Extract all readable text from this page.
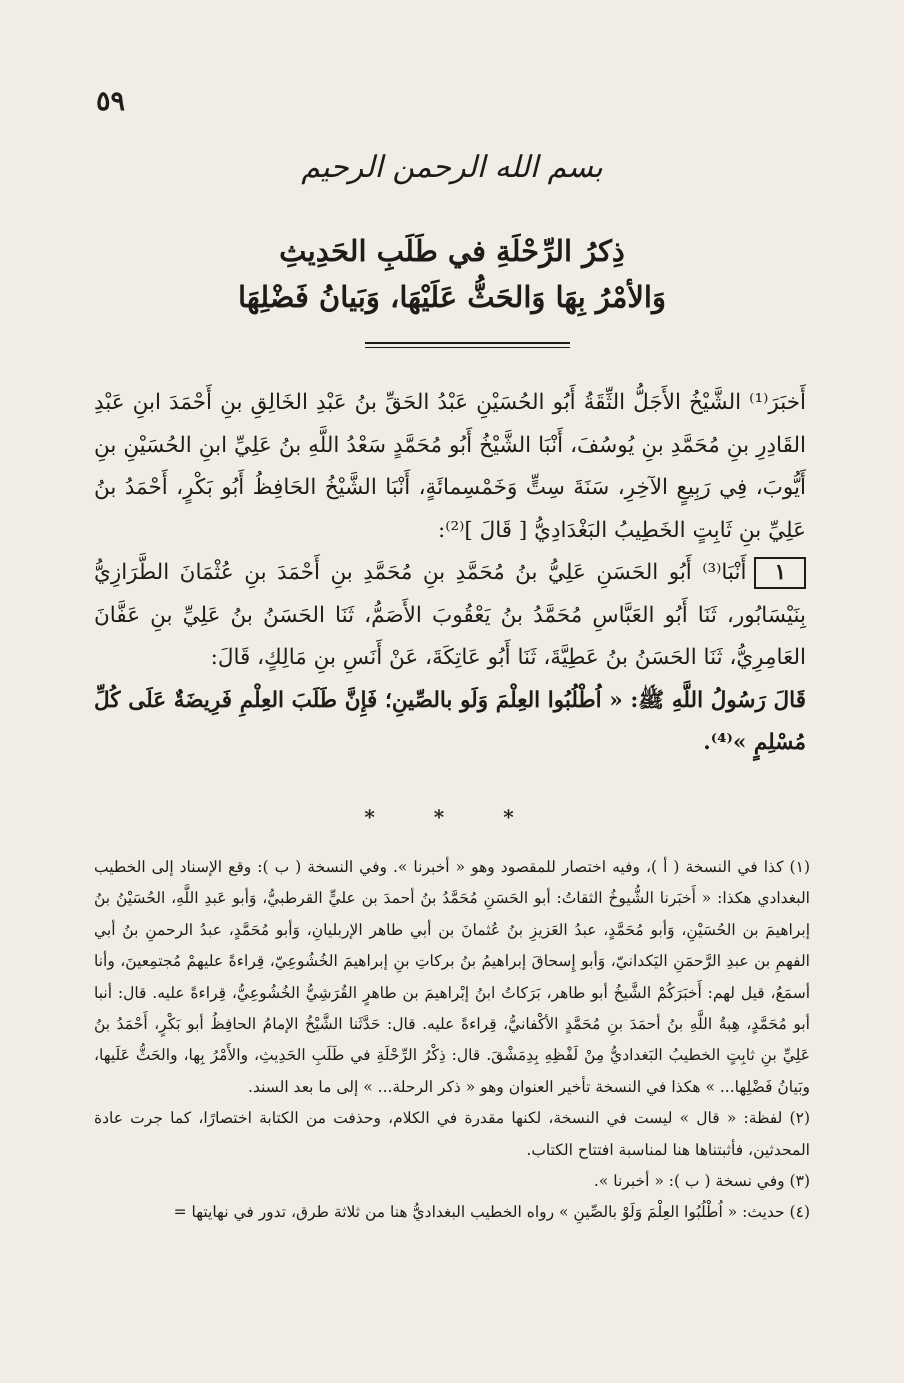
٥٩
بسم الله الرحمن الرحيم
ذِكرُ الرِّحْلَةِ في طَلَبِ الحَدِيثِ
وَالأمْرُ بِهَا وَالحَثُّ عَلَيْهَا، وَبَيانُ فَضْلِهَا

أَخبَرَ⁽¹⁾ الشَّيْخُ الأَجَلُّ الثِّقَةُ أَبُو الحُسَيْنِ عَبْدُ الحَقِّ بنُ عَبْدِ الخَالِقِ بنِ أَحْمَدَ ابنِ عَبْدِ القَادِرِ بنِ مُحَمَّدِ بنِ يُوسُفَ، أَنْبَا الشَّيْخُ أَبُو مُحَمَّدٍ سَعْدُ اللَّهِ بنُ عَلِيِّ ابنِ الحُسَيْنِ بنِ أَيُّوبَ، فِي رَبِيعٍ الآخِرِ، سَنَةَ سِتٍّ وَخَمْسِمائَةٍ، أَنْبَا الشَّيْخُ الحَافِظُ أَبُو بَكْرٍ، أَحْمَدُ بنُ عَلِيِّ بنِ ثَابِتٍ الخَطِيبُ البَغْدَادِيُّ [ قَالَ ]⁽²⁾:

١أَنْبَا⁽³⁾ أَبُو الحَسَنِ عَلِيُّ بنُ مُحَمَّدِ بنِ مُحَمَّدِ بنِ أَحْمَدَ بنِ عُثْمَانَ الطَّرَازِيُّ بِنَيْسَابُور، ثَنَا أَبُو العَبَّاسِ مُحَمَّدُ بنُ يَعْقُوبَ الأَصَمُّ، ثَنَا الحَسَنُ بنُ عَلِيِّ بنِ عَفَّانَ العَامِرِيُّ، ثَنَا الحَسَنُ بنُ عَطِيَّةَ، ثَنَا أَبُو عَاتِكَةَ، عَنْ أَنَسِ بنِ مَالِكٍ، قَالَ:

قَالَ رَسُولُ اللَّهِ ﷺ: « اُطْلُبُوا العِلْمَ وَلَو بالصِّينِ؛ فَإِنَّ طَلَبَ العِلْمِ فَرِيضَةٌ عَلَى كُلِّ مُسْلِمٍ »⁽⁴⁾.

* * *

(١) كذا في النسخة ( أ )، وفيه اختصار للمقصود وهو « أخبرنا ». وفي النسخة ( ب ): وقع الإسناد إلى الخطيب البغدادي هكذا: « أَخبَرنا الشُّيوخُ الثقاتُ: أبو الحَسَنِ مُحَمَّدُ بنُ أحمدَ بن عليٍّ القرطبيُّ، وَأبو عَبدِ اللَّهِ، الحُسَيْنُ بنُ إبراهيمَ بن الحُسَيْنِ، وَأبو مُحَمَّدٍ، عبدُ العَزيزِ بنُ عُثمانَ بن أبي طاهر الإربليانِ، وَأبو مُحَمَّدٍ، عبدُ الرحمنِ بنُ أبي الفهمِ بن عبدِ الرَّحمَنِ اليَكدانيّ، وَأبو إِسحاقَ إبراهيمُ بنُ بركاتِ بنِ إبراهيمَ الخُشُوعِيّ، قِراءةً عليهمْ مُجتمِعينَ، وأنا أسمَعُ، قيل لهم: أَخبَرَكُمْ الشَّيخُ أبو طاهر، بَرَكاتُ ابنُ إبْراهيمَ بن طاهرٍ القُرَشِيُّ الخُشُوعِيُّ، قِراءةً عليه. قال: أنبا أبو مُحَمَّدٍ، هِبةُ اللَّهِ بنُ أحمَدَ بنِ مُحَمَّدٍ الأكْفانيُّ، قِراءةً عليه. قال: حَدَّثَنا الشَّيْخُ الإمامُ الحافِظُ أبو بَكْرٍ، أَحْمَدُ بنُ عَلِيِّ بنِ ثابِتٍ الخطيبُ البَغداديُّ مِنْ لَفْظِهِ بِدِمَشْقَ. قال: ذِكْرُ الرِّحْلَةِ في طَلَبِ الحَدِيثِ، والأَمْرُ بِها، والحَثُّ عَلَيها، وبَيانُ فَضْلِها... » هكذا في النسخة تأخير العنوان وهو « ذكر الرحلة... » إلى ما بعد السند.

(٢) لفظة: « قال » ليست في النسخة، لكنها مقدرة في الكلام، وحذفت من الكتابة اختصارًا، كما جرت عادة المحدثين، فأثبتناها هنا لمناسبة افتتاح الكتاب.

(٣) وفي نسخة ( ب ): « أخبرنا ».

(٤) حديث: « اُطْلُبُوا العِلْمَ وَلَوْ بالصِّينِ » رواه الخطيب البغداديُّ هنا من ثلاثة طرق، تدور في نهايتها =
